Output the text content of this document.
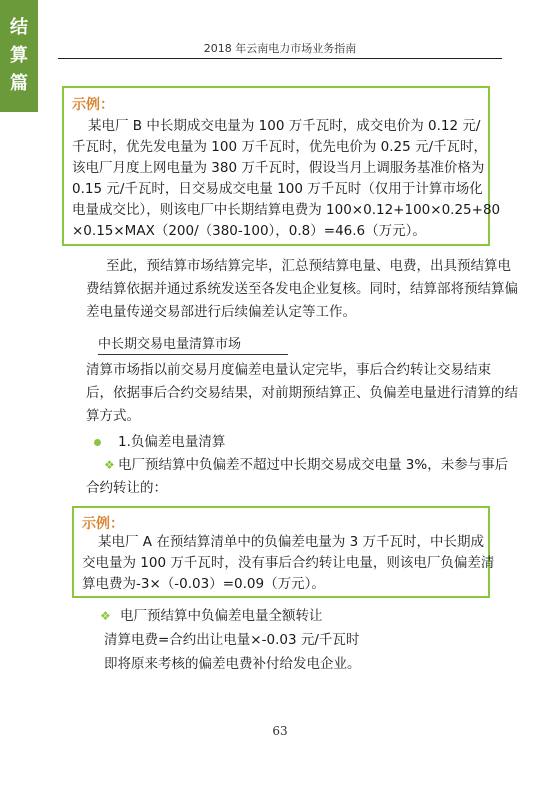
结
算
篇
2018 年云南电力市场业务指南
示例：
某电厂 B 中长期成交电量为 100 万千瓦时，成交电价为 0.12 元/
千瓦时，优先发电量为 100 万千瓦时，优先电价为 0.25 元/千瓦时，
该电厂月度上网电量为 380 万千瓦时，假设当月上调服务基准价格为
0.15 元/千瓦时，日交易成交电量 100 万千瓦时（仅用于计算市场化
电量成交比），则该电厂中长期结算电费为 100×0.12+100×0.25+80
×0.15×MAX（200/（380-100），0.8）=46.6（万元）。
至此，预结算市场结算完毕，汇总预结算电量、电费，出具预结算电
费结算依据并通过系统发送至各发电企业复核。同时，结算部将预结算偏
差电量传递交易部进行后续偏差认定等工作。
中长期交易电量清算市场
清算市场指以前交易月度偏差电量认定完毕，事后合约转让交易结束
后，依据事后合约交易结果，对前期预结算正、负偏差电量进行清算的结
算方式。
1.负偏差电量清算
❖ 电厂预结算中负偏差不超过中长期交易成交电量 3%，未参与事后
合约转让的：
示例：
某电厂 A 在预结算清单中的负偏差电量为 3 万千瓦时，中长期成
交电量为 100 万千瓦时，没有事后合约转让电量，则该电厂负偏差清
算电费为-3×（-0.03）=0.09（万元）。
❖ 电厂预结算中负偏差电量全额转让
清算电费=合约出让电量×-0.03 元/千瓦时
即将原来考核的偏差电费补付给发电企业。
63
